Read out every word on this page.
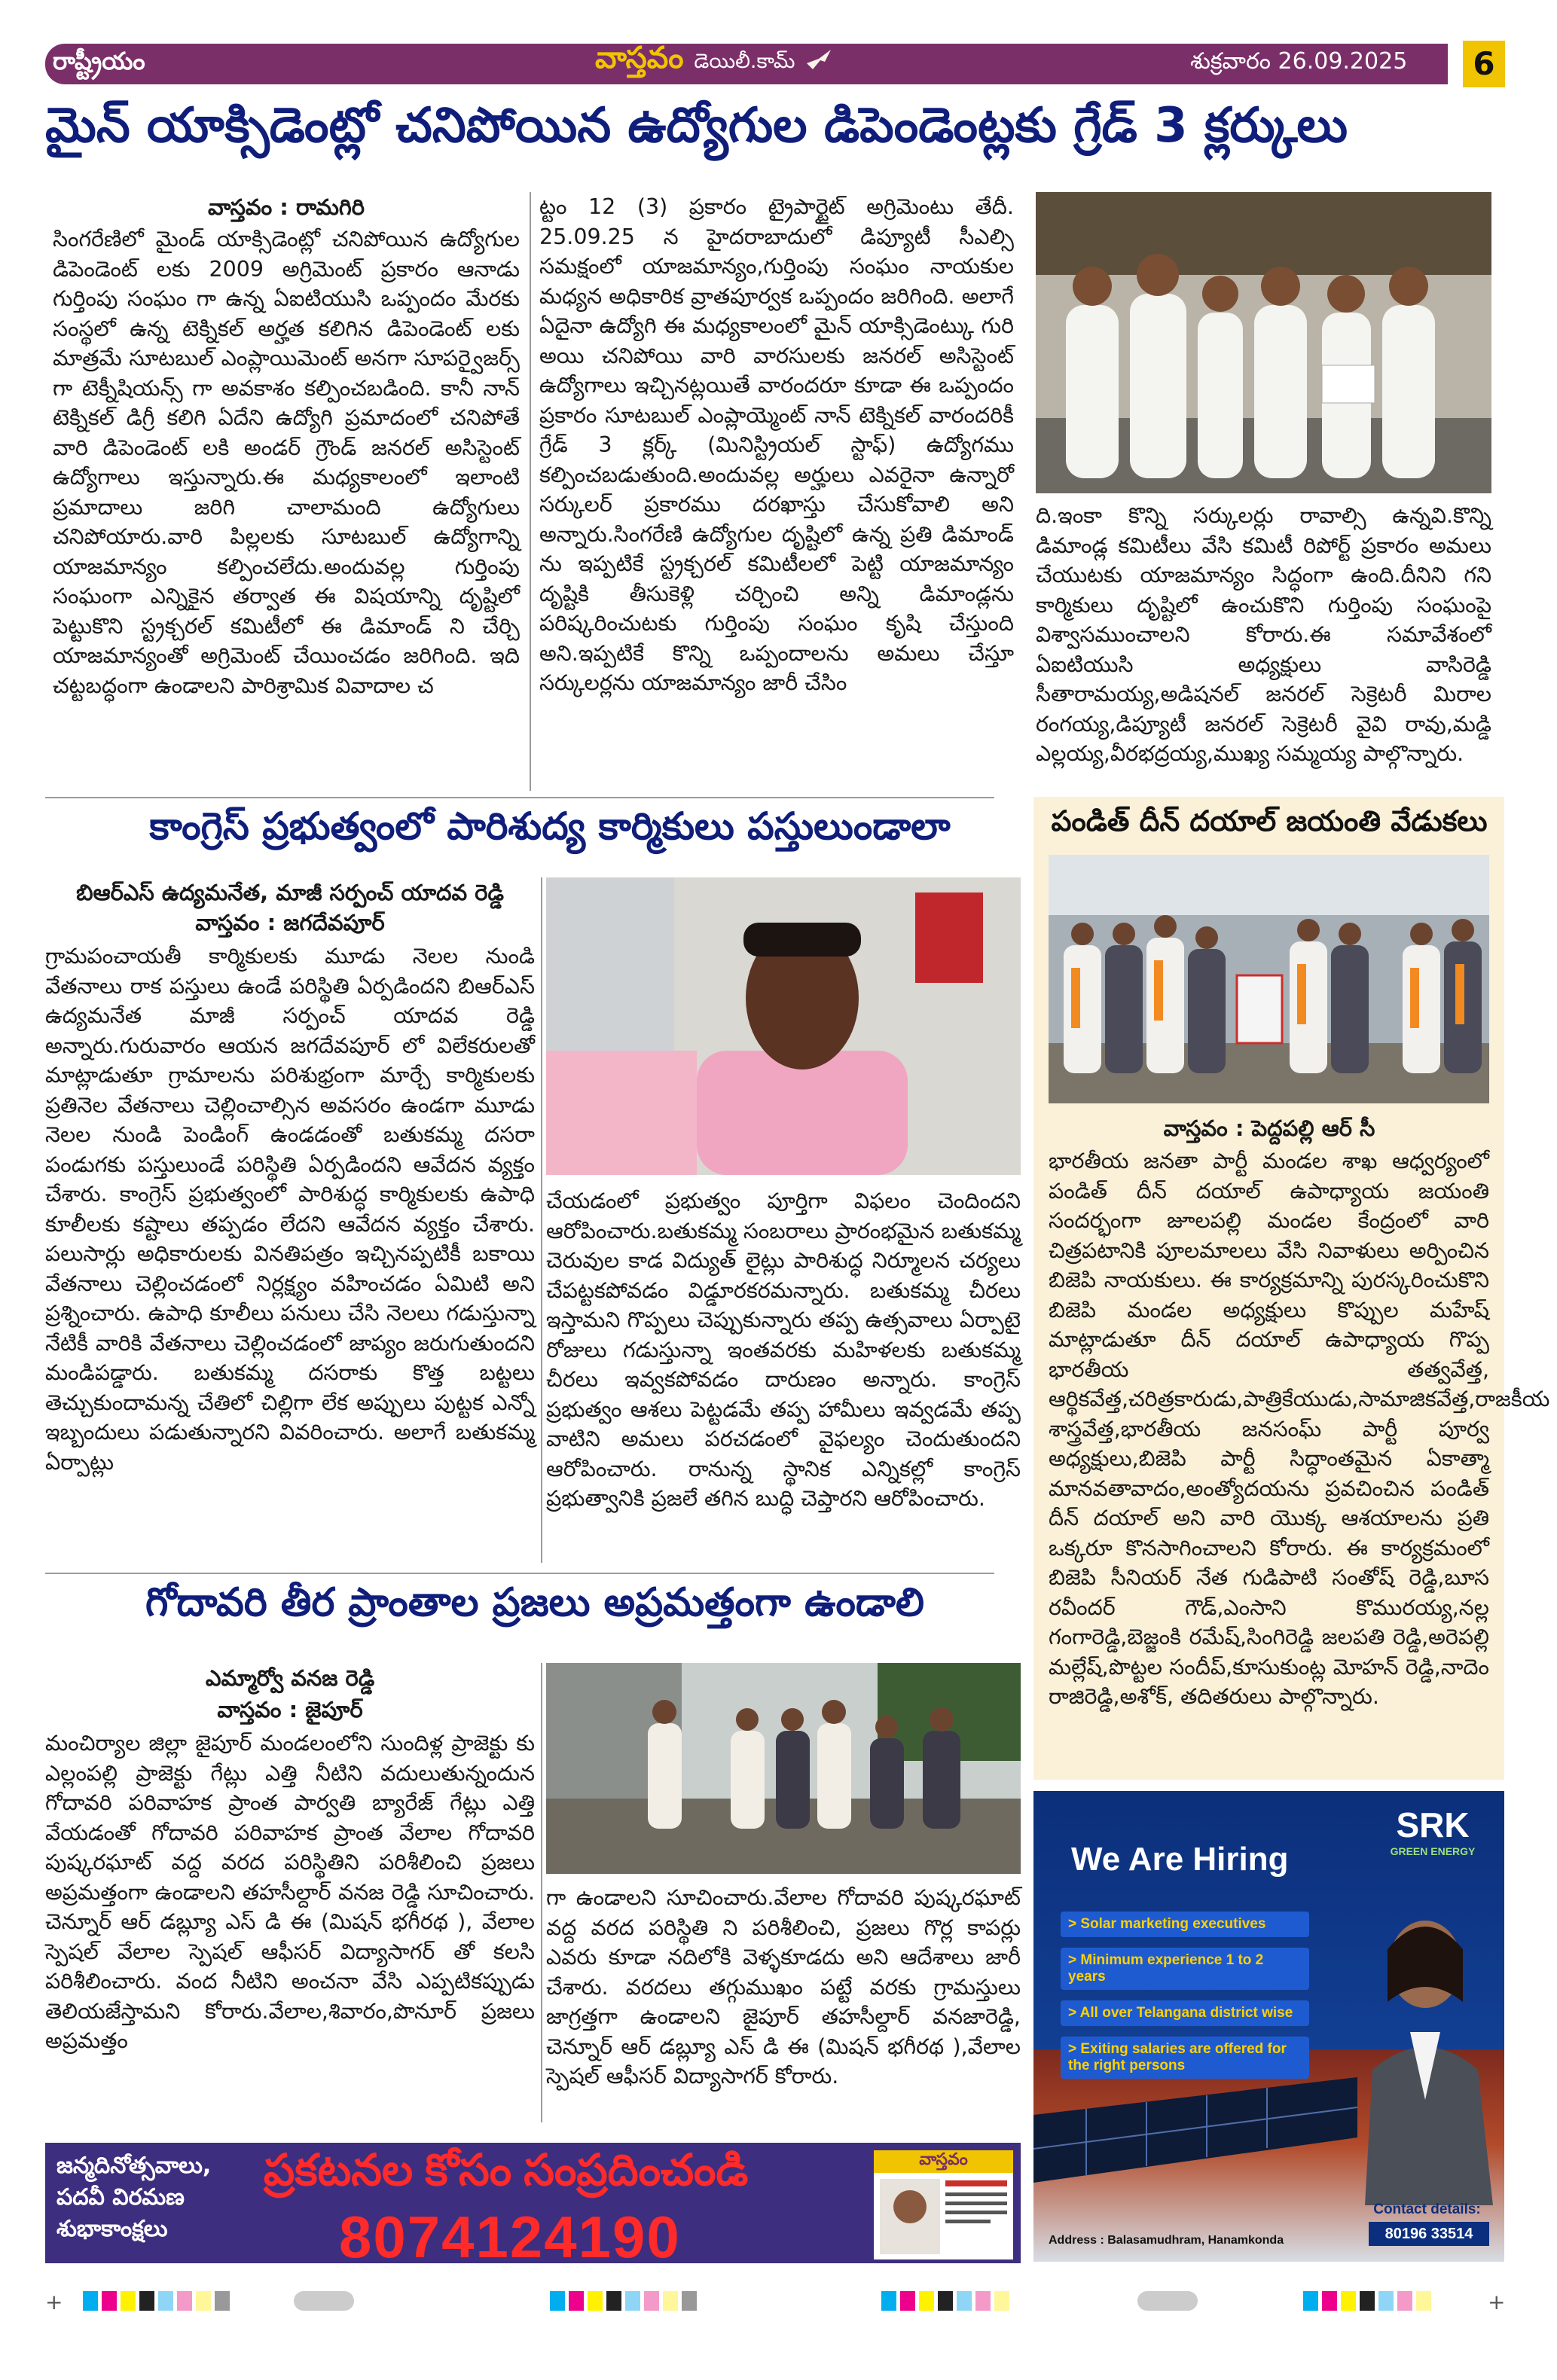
రాష్ట్రీయం	వాస్తవం డెయిలీ.కామ్	శుక్రవారం 26.09.2025	6
మైన్ యాక్సిడెంట్లో చనిపోయిన ఉద్యోగుల డిపెండెంట్లకు గ్రేడ్ 3 క్లర్కులు
వాస్తవం : రామగిరి
సింగరేణిలో మైండ్ యాక్సిడెంట్లో చనిపోయిన ఉద్యోగుల డిపెండెంట్ లకు 2009 అగ్రిమెంట్ ప్రకారం ఆనాడు గుర్తింపు సంఘం గా ఉన్న ఏఐటియుసి ఒప్పందం మేరకు సంస్థలో ఉన్న టెక్నికల్ అర్హత కలిగిన డిపెండెంట్ లకు మాత్రమే సూటబుల్ ఎంప్లాయిమెంట్ అనగా సూపర్వైజర్స్ గా టెక్నీషియన్స్ గా అవకాశం కల్పించబడింది. కానీ నాన్ టెక్నికల్ డిగ్రీ కలిగి ఏదేని ఉద్యోగి ప్రమాదంలో చనిపోతే వారి డిపెండెంట్ లకి అండర్ గ్రౌండ్ జనరల్ అసిస్టెంట్ ఉద్యోగాలు ఇస్తున్నారు.ఈ మధ్యకాలంలో ఇలాంటి ప్రమాదాలు జరిగి చాలామంది ఉద్యోగులు చనిపోయారు.వారి పిల్లలకు సూటబుల్ ఉద్యోగాన్ని యాజమాన్యం కల్పించలేదు.అందువల్ల గుర్తింపు సంఘంగా ఎన్నికైన తర్వాత ఈ విషయాన్ని దృష్టిలో పెట్టుకొని స్ట్రక్చరల్ కమిటీలో ఈ డిమాండ్ ని చేర్చి యాజమాన్యంతో అగ్రిమెంట్ చేయించడం జరిగింది. ఇది చట్టబద్ధంగా ఉండాలని పారిశ్రామిక వివాదాల చ
ట్టం 12 (3) ప్రకారం ట్రైపార్టైట్ అగ్రిమెంటు తేదీ. 25.09.25 న హైదరాబాదులో డిప్యూటీ సీఎల్సి సమక్షంలో యాజమాన్యం,గుర్తింపు సంఘం నాయకుల మధ్యన అధికారిక వ్రాతపూర్వక ఒప్పందం జరిగింది. అలాగే ఏదైనా ఉద్యోగి ఈ మధ్యకాలంలో మైన్ యాక్సిడెంట్కు గురి అయి చనిపోయి వారి వారసులకు జనరల్ అసిస్టెంట్ ఉద్యోగాలు ఇచ్చినట్లయితే వారందరూ కూడా ఈ ఒప్పందం ప్రకారం సూటబుల్ ఎంప్లాయ్మెంట్ నాన్ టెక్నికల్ వారందరికీ గ్రేడ్ 3 క్లర్క్ (మినిస్ట్రియల్ స్టాఫ్) ఉద్యోగము కల్పించబడుతుంది.అందువల్ల అర్హులు ఎవరైనా ఉన్నారో సర్కులర్ ప్రకారము దరఖాస్తు చేసుకోవాలి అని అన్నారు.సింగరేణి ఉద్యోగుల దృష్టిలో ఉన్న ప్రతి డిమాండ్ ను ఇప్పటికే స్ట్రక్చరల్ కమిటీలలో పెట్టి యాజమాన్యం దృష్టికి తీసుకెళ్లి చర్చించి అన్ని డిమాండ్లను పరిష్కరించుటకు గుర్తింపు సంఘం కృషి చేస్తుంది అని.ఇప్పటికే కొన్ని ఒప్పందాలను అమలు చేస్తూ సర్కులర్లను యాజమాన్యం జారీ చేసిం
ది.ఇంకా కొన్ని సర్కులర్లు రావాల్సి ఉన్నవి.కొన్ని డిమాండ్ల కమిటీలు వేసి కమిటీ రిపోర్ట్ ప్రకారం అమలు చేయుటకు యాజమాన్యం సిద్ధంగా ఉంది.దీనిని గని కార్మికులు దృష్టిలో ఉంచుకొని గుర్తింపు సంఘంపై విశ్వాసముంచాలని కోరారు.ఈ సమావేశంలో ఏఐటియుసి అధ్యక్షులు వాసిరెడ్డి సీతారామయ్య,అడిషనల్ జనరల్ సెక్రెటరీ మిరాల రంగయ్య,డిప్యూటీ జనరల్ సెక్రెటరీ వైవి రావు,మడ్డి ఎల్లయ్య,వీరభద్రయ్య,ముఖ్య సమ్మయ్య పాల్గొన్నారు.
కాంగ్రెస్ ప్రభుత్వంలో పారిశుద్య కార్మికులు పస్తులుండాలా
బిఆర్ఎస్ ఉద్యమనేత, మాజీ సర్పంచ్ యాదవ రెడ్డి
వాస్తవం : జగదేవపూర్
గ్రామపంచాయతీ కార్మికులకు మూడు నెలల నుండి వేతనాలు రాక పస్తులు ఉండే పరిస్థితి ఏర్పడిందని బిఆర్ఎస్ ఉద్యమనేత మాజీ సర్పంచ్ యాదవ రెడ్డి అన్నారు.గురువారం ఆయన జగదేవపూర్ లో విలేకరులతో మాట్లాడుతూ గ్రామాలను పరిశుభ్రంగా మార్చే కార్మికులకు ప్రతినెల వేతనాలు చెల్లించాల్సిన అవసరం ఉండగా మూడు నెలల నుండి పెండింగ్ ఉండడంతో బతుకమ్మ దసరా పండుగకు పస్తులుండే పరిస్థితి ఏర్పడిందని ఆవేదన వ్యక్తం చేశారు. కాంగ్రెస్ ప్రభుత్వంలో పారిశుద్ధ కార్మికులకు ఉపాధి కూలీలకు కష్టాలు తప్పడం లేదని ఆవేదన వ్యక్తం చేశారు. పలుసార్లు అధికారులకు వినతిపత్రం ఇచ్చినప్పటికీ బకాయి వేతనాలు చెల్లించడంలో నిర్లక్ష్యం వహించడం ఏమిటి అని ప్రశ్నించారు. ఉపాధి కూలీలు పనులు చేసి నెలలు గడుస్తున్నా నేటికీ వారికి వేతనాలు చెల్లించడంలో జాప్యం జరుగుతుందని మండిపడ్డారు. బతుకమ్మ దసరాకు కొత్త బట్టలు తెచ్చుకుందామన్న చేతిలో చిల్లిగా లేక అప్పులు పుట్టక ఎన్నో ఇబ్బందులు పడుతున్నారని వివరించారు. అలాగే బతుకమ్మ ఏర్పాట్లు
చేయడంలో ప్రభుత్వం పూర్తిగా విఫలం చెందిందని ఆరోపించారు.బతుకమ్మ సంబరాలు ప్రారంభమైన బతుకమ్మ చెరువుల కాడ విద్యుత్ లైట్లు పారిశుద్ధ నిర్మూలన చర్యలు చేపట్టకపోవడం విడ్డూరకరమన్నారు. బతుకమ్మ చీరలు ఇస్తామని గొప్పలు చెప్పుకున్నారు తప్ప ఉత్సవాలు ఏర్పాటై రోజులు గడుస్తున్నా ఇంతవరకు మహిళలకు బతుకమ్మ చీరలు ఇవ్వకపోవడం దారుణం అన్నారు. కాంగ్రెస్ ప్రభుత్వం ఆశలు పెట్టడమే తప్ప హామీలు ఇవ్వడమే తప్ప వాటిని అమలు పరచడంలో వైఫల్యం చెందుతుందని ఆరోపించారు. రానున్న స్థానిక ఎన్నికల్లో కాంగ్రెస్ ప్రభుత్వానికి ప్రజలే తగిన బుద్ధి చెప్తారని ఆరోపించారు.
గోదావరి తీర ప్రాంతాల ప్రజలు అప్రమత్తంగా ఉండాలి
ఎమ్మార్వో వనజ రెడ్డి
వాస్తవం : జైపూర్
మంచిర్యాల జిల్లా జైపూర్ మండలంలోని సుందిళ్ల ప్రాజెక్టు కు ఎల్లంపల్లి ప్రాజెక్టు గేట్లు ఎత్తి నీటిని వదులుతున్నందున గోదావరి పరివాహక ప్రాంత పార్వతి బ్యారేజ్ గేట్లు ఎత్తి వేయడంతో గోదావరి పరివాహక ప్రాంత వేలాల గోదావరి పుష్కరఘాట్ వద్ద వరద పరిస్థితిని పరిశీలించి ప్రజలు అప్రమత్తంగా ఉండాలని తహసీల్దార్ వనజ రెడ్డి సూచించారు. చెన్నూర్ ఆర్ డబ్ల్యూ ఎస్ డి ఈ (మిషన్ భగీరథ ), వేలాల స్పెషల్ వేలాల స్పెషల్ ఆఫీసర్ విద్యాసాగర్ తో కలసి పరిశీలించారు. వంద నీటిని అంచనా వేసి ఎప్పటికప్పుడు తెలియజేస్తామని కోరారు.వేలాల,శివారం,పొనూర్ ప్రజలు అప్రమత్తం
గా ఉండాలని సూచించారు.వేలాల గోదావరి పుష్కరఘాట్ వద్ద వరద పరిస్థితి ని పరిశీలించి, ప్రజలు గొర్ల కాపర్లు ఎవరు కూడా నదిలోకి వెళ్ళకూడదు అని ఆదేశాలు జారీ చేశారు. వరదలు తగ్గుముఖం పట్టే వరకు గ్రామస్తులు జాగ్రత్తగా ఉండాలని జైపూర్ తహసీల్దార్ వనజారెడ్డి, చెన్నూర్ ఆర్ డబ్ల్యూ ఎస్ డి ఈ (మిషన్ భగీరథ ),వేలాల స్పెషల్ ఆఫీసర్ విద్యాసాగర్ కోరారు.
పండిత్ దీన్ దయాల్ జయంతి వేడుకలు
వాస్తవం : పెద్దపల్లి ఆర్ సీ
భారతీయ జనతా పార్టీ మండల శాఖ ఆధ్వర్యంలో పండిత్ దీన్ దయాల్ ఉపాధ్యాయ జయంతి సందర్భంగా జూలపల్లి మండల కేంద్రంలో వారి చిత్రపటానికి పూలమాలలు వేసి నివాళులు అర్పించిన బిజెపి నాయకులు. ఈ కార్యక్రమాన్ని పురస్కరించుకొని బిజెపి మండల అధ్యక్షులు కొప్పుల మహేష్ మాట్లాడుతూ దీన్ దయాల్ ఉపాధ్యాయ గొప్ప భారతీయ తత్వవేత్త, ఆర్థికవేత్త,చరిత్రకారుడు,పాత్రికేయుడు,సామాజికవేత్త,రాజకీయ శాస్త్రవేత్త,భారతీయ జనసంఘ్ పార్టీ పూర్వ అధ్యక్షులు,బిజెపి పార్టీ సిద్ధాంతమైన ఏకాత్మా మానవతావాదం,అంత్యోదయను ప్రవచించిన పండిత్ దీన్ దయాల్ అని వారి యొక్క ఆశయాలను ప్రతి ఒక్కరూ కొనసాగించాలని కోరారు. ఈ కార్యక్రమంలో బిజెపి సీనియర్ నేత గుడిపాటి సంతోష్ రెడ్డి,బూస రవీందర్ గౌడ్,ఎంసాని కొమురయ్య,నల్ల గంగారెడ్డి,బెజ్జంకి రమేష్,సింగిరెడ్డి జలపతి రెడ్డి,అరెపల్లి మల్లేష్,పొట్టల సందీప్,కూసుకుంట్ల మోహన్ రెడ్డి,నాదెం రాజిరెడ్డి,అశోక్, తదితరులు పాల్గొన్నారు.
SRK
GREEN ENERGY
We Are Hiring
> Solar marketing executives
> Minimum experience 1 to 2 years
> All over Telangana district wise
> Exiting salaries are offered for the right persons
Contact details:
80196 33514
Address : Balasamudhram, Hanamkonda
జన్మదినోత్సవాలు, పదవీ విరమణ శుభాకాంక్షలు
ప్రకటనల కోసం సంప్రదించండి
8074124190
వాస్తవం
+	+
